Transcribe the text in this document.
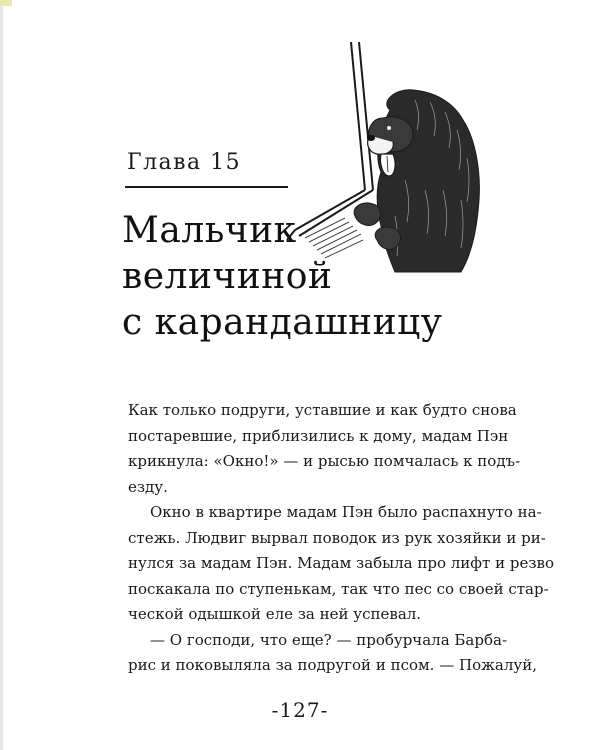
Глава 15
Мальчик
величиной
с карандашницу

Как только подруги, уставшие и как будто снова
постаревшие, приблизились к дому, мадам Пэн
крикнула: «Окно!» — и рысью помчалась к подъ-
езду.

Окно в квартире мадам Пэн было распахнуто на-
стежь. Людвиг вырвал поводок из рук хозяйки и ри-
нулся за мадам Пэн. Мадам забыла про лифт и резво
поскакала по ступенькам, так что пес со своей стар-
ческой одышкой еле за ней успевал.

— О господи, что еще? — пробурчала Барба-
рис и поковыляла за подругой и псом. — Пожалуй,

-127-
